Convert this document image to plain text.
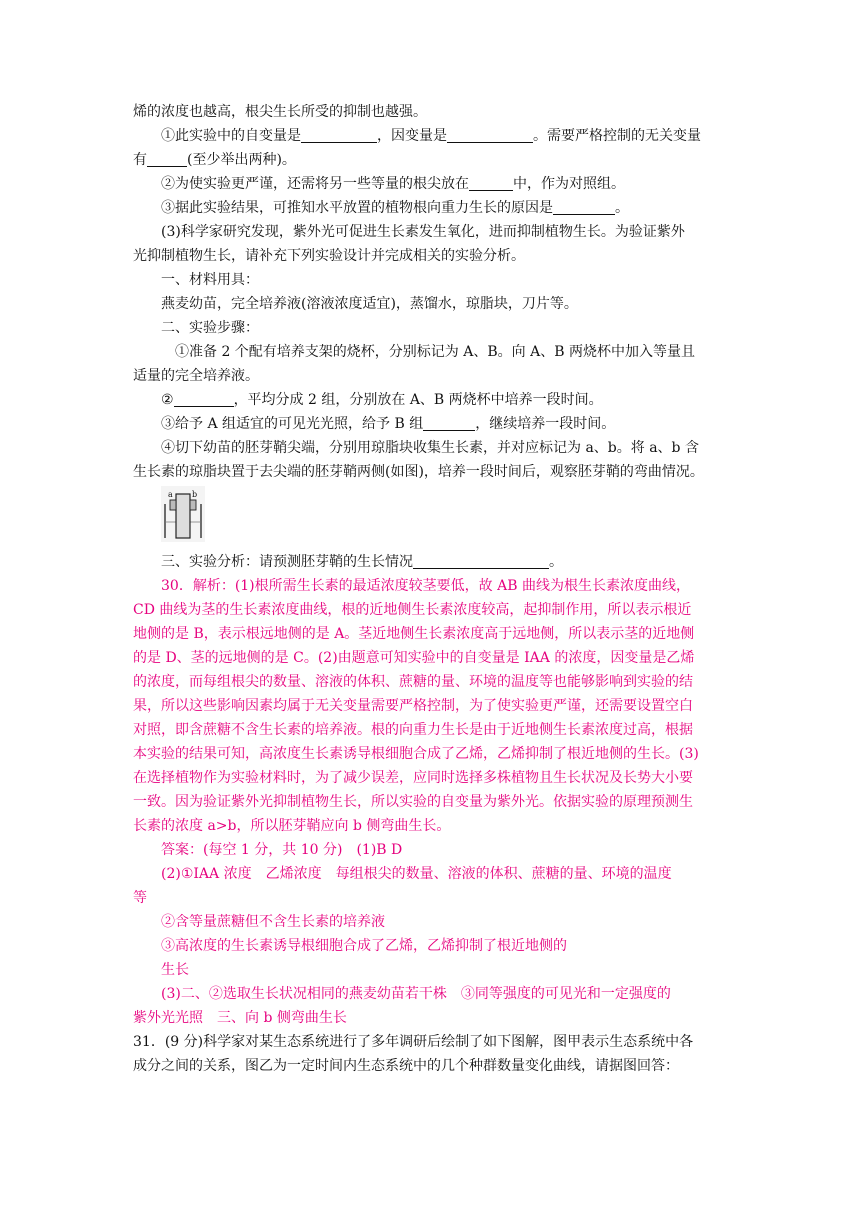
烯的浓度也越高，根尖生长所受的抑制也越强。

①此实验中的自变量是	，因变量是	。需要严格控制的无关变量

有	(至少举出两种)。

②为使实验更严谨，还需将另一些等量的根尖放在	中，作为对照组。

③据此实验结果，可推知水平放置的植物根向重力生长的原因是	。

(3)科学家研究发现，紫外光可促进生长素发生氧化，进而抑制植物生长。为验证紫外

光抑制植物生长，请补充下列实验设计并完成相关的实验分析。

一、材料用具：

燕麦幼苗，完全培养液(溶液浓度适宜)，蒸馏水，琼脂块，刀片等。

二、实验步骤：

①准备 2 个配有培养支架的烧杯，分别标记为 A、B。向 A、B 两烧杯中加入等量且

适量的完全培养液。

②	，平均分成 2 组，分别放在 A、B 两烧杯中培养一段时间。

③给予 A 组适宜的可见光光照，给予 B 组	，继续培养一段时间。

④切下幼苗的胚芽鞘尖端，分别用琼脂块收集生长素，并对应标记为 a、b。将 a、b 含

生长素的琼脂块置于去尖端的胚芽鞘两侧(如图)，培养一段时间后，观察胚芽鞘的弯曲情况。

a b

三、实验分析：请预测胚芽鞘的生长情况	。

30．解析：(1)根所需生长素的最适浓度较茎要低，故 AB 曲线为根生长素浓度曲线，

CD 曲线为茎的生长素浓度曲线，根的近地侧生长素浓度较高，起抑制作用，所以表示根近

地侧的是 B，表示根远地侧的是 A。茎近地侧生长素浓度高于远地侧，所以表示茎的近地侧

的是 D、茎的远地侧的是 C。(2)由题意可知实验中的自变量是 IAA 的浓度，因变量是乙烯

的浓度，而每组根尖的数量、溶液的体积、蔗糖的量、环境的温度等也能够影响到实验的结

果，所以这些影响因素均属于无关变量需要严格控制，为了使实验更严谨，还需要设置空白

对照，即含蔗糖不含生长素的培养液。根的向重力生长是由于近地侧生长素浓度过高，根据

本实验的结果可知，高浓度生长素诱导根细胞合成了乙烯，乙烯抑制了根近地侧的生长。(3)

在选择植物作为实验材料时，为了减少误差，应同时选择多株植物且生长状况及长势大小要

一致。因为验证紫外光抑制植物生长，所以实验的自变量为紫外光。依据实验的原理预测生

长素的浓度 a>b，所以胚芽鞘应向 b 侧弯曲生长。

答案：(每空 1 分，共 10 分)　(1)B D

(2)①IAA 浓度　乙烯浓度　每组根尖的数量、溶液的体积、蔗糖的量、环境的温度

等

②含等量蔗糖但不含生长素的培养液

③高浓度的生长素诱导根细胞合成了乙烯，乙烯抑制了根近地侧的

生长

(3)二、②选取生长状况相同的燕麦幼苗若干株　③同等强度的可见光和一定强度的

紫外光光照　三、向 b 侧弯曲生长

31．(9 分)科学家对某生态系统进行了多年调研后绘制了如下图解，图甲表示生态系统中各

成分之间的关系，图乙为一定时间内生态系统中的几个种群数量变化曲线，请据图回答：
